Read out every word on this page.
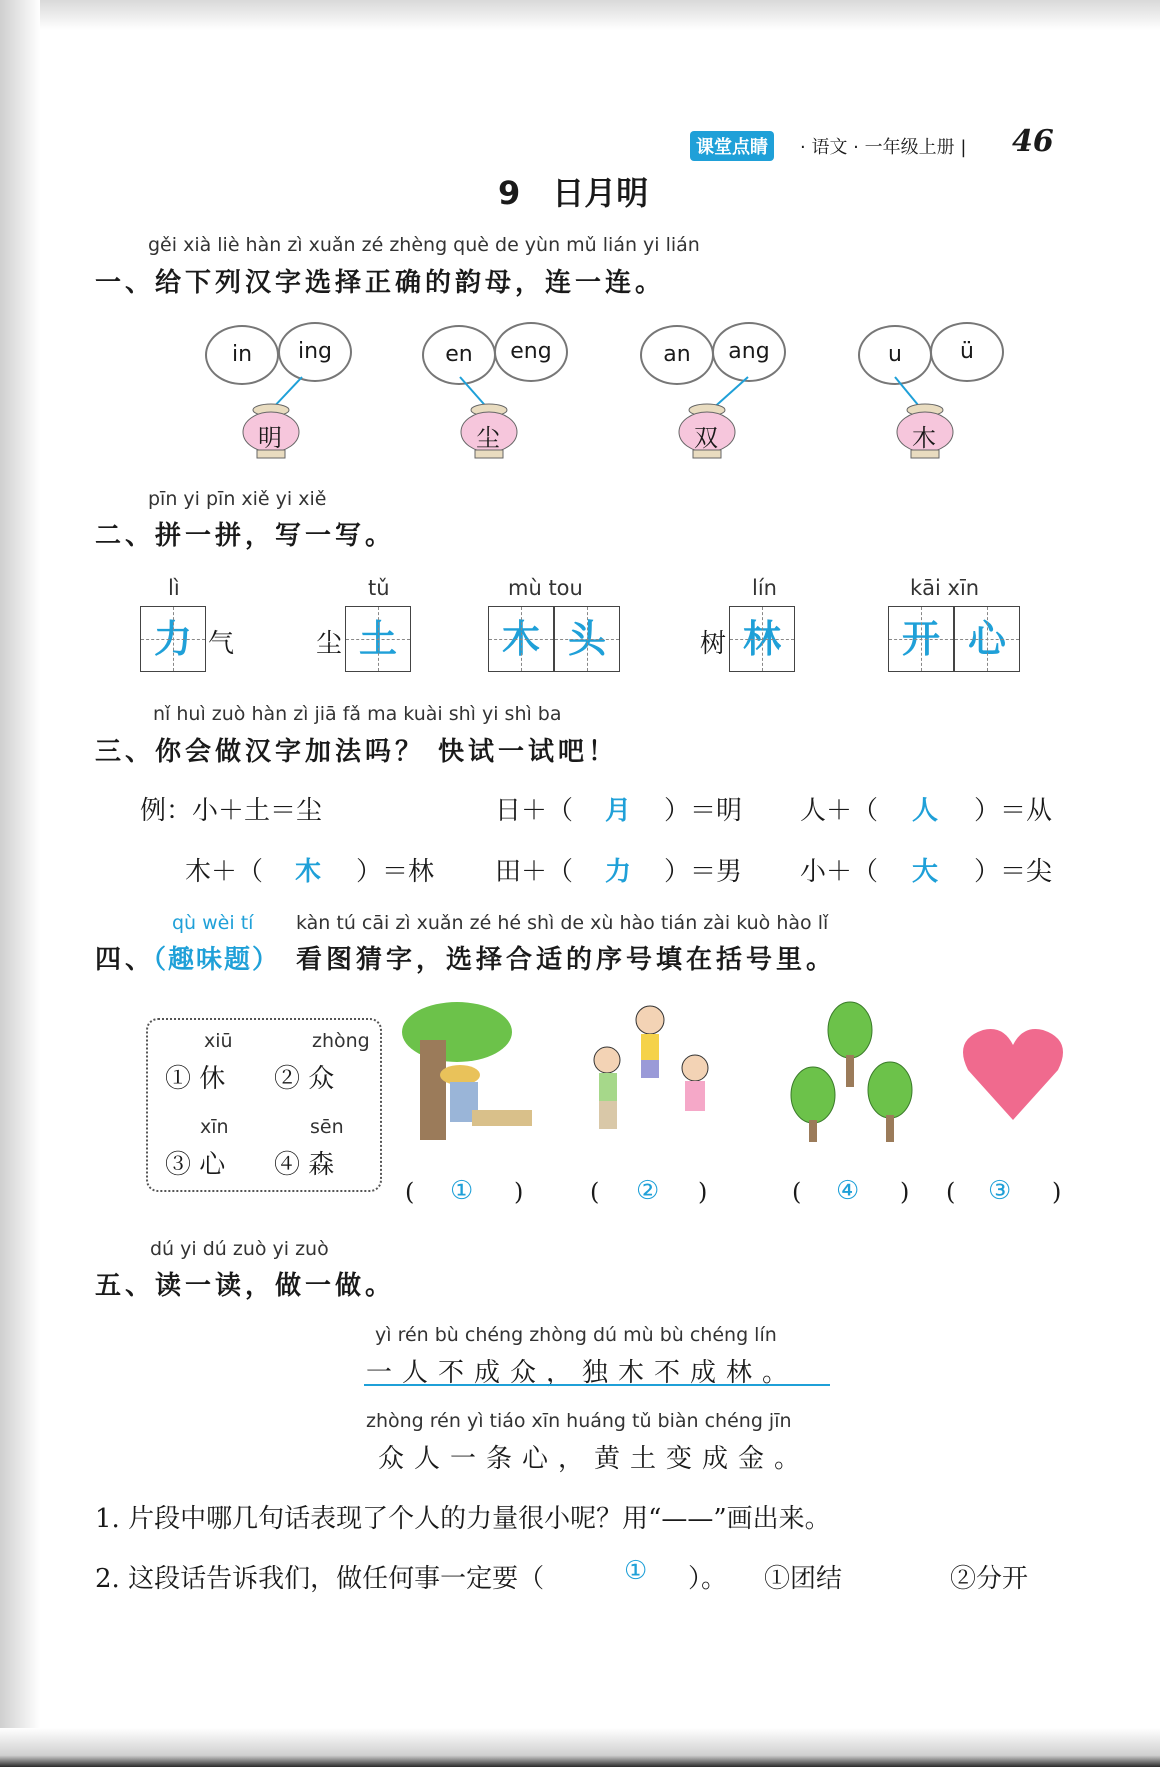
课堂点睛	· 语文 · 一年级上册 | 46
9　日月明
gěi xià liè hàn zì xuǎn zé zhèng què de yùn mǔ lián yi lián
一、给下列汉字选择正确的韵母，连一连。
in	ing
明
en	eng
尘
an	ang
双
u	ü
木
pīn yi pīn xiě yi xiě
二、拼一拼，写一写。
lì
力 气
tǔ
尘 土
mù tou
木 头
lín
树 林
kāi xīn
开 心
nǐ huì zuò hàn zì jiā fǎ ma kuài shì yi shì ba
三、你会做汉字加法吗？ 快试一试吧！
例：小＋土＝尘	日＋（ 月 ）＝明 人＋（ 人 ）＝从
木＋（ 木 ）＝林 田＋（ 力 ）＝男 小＋（ 大 ）＝尖
qù wèi tí kàn tú cāi zì xuǎn zé hé shì de xù hào tián zài kuò hào lǐ
四、
（趣味题） 看图猜字，选择合适的序号填在括号里。
xiū
① 休
zhòng
② 众
xīn
③ 心
sēn
④ 森
( ① )	( ② )	( ④ ) ( ③ )
dú yi dú zuò yi zuò
五、读一读，做一做。
yì rén bù chéng zhòng dú mù bù chéng lín
一人不成众，独木不成林。
zhòng rén yì tiáo xīn huáng tǔ biàn chéng jīn
众人一条心，黄土变成金。
1. 片段中哪几句话表现了个人的力量很小呢？用“——”画出来。
2. 这段话告诉我们，做任何事一定要（	① ）。 ①团结	②分开
